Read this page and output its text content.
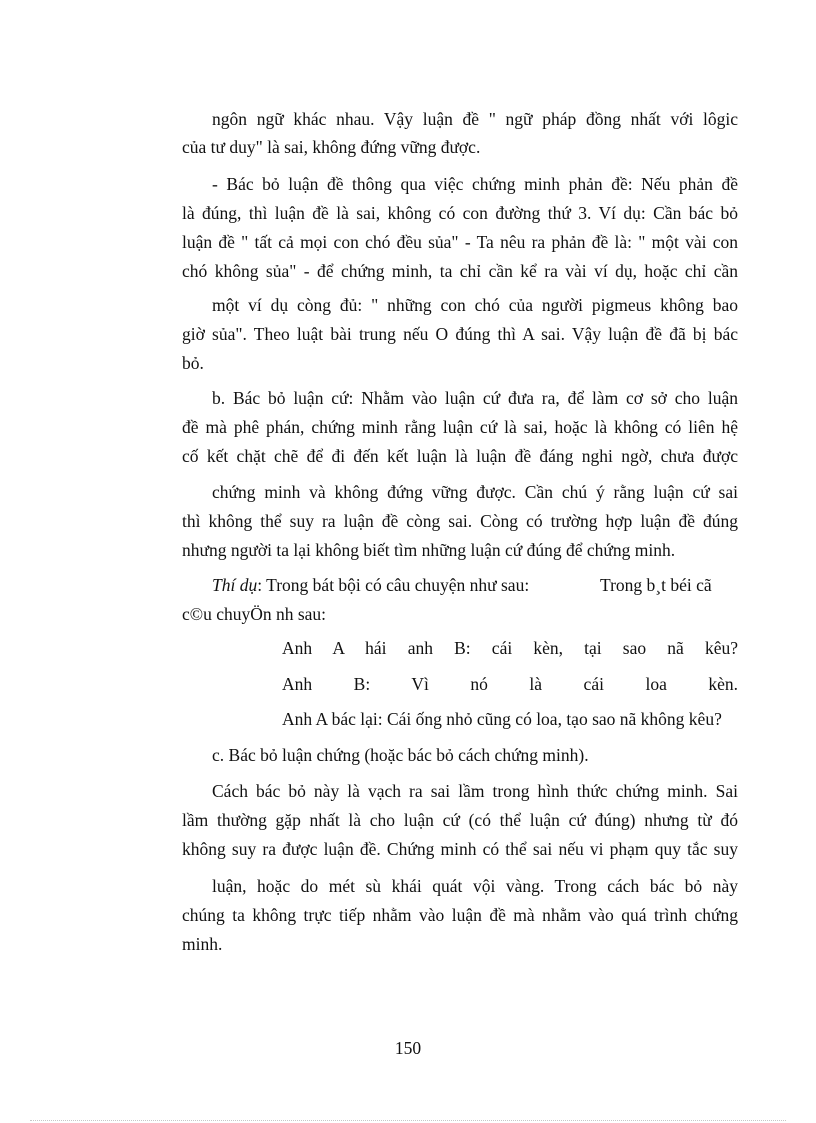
ngôn ngữ khác nhau. Vậy luận đề " ngữ pháp đồng nhất với lôgic
của tư duy" là sai, không đứng vững được.
- Bác bỏ luận đề thông qua việc chứng minh phản đề: Nếu phản đề
là đúng, thì luận đề là sai, không có con đường thứ 3. Ví dụ: Cần bác bỏ
luận đề " tất cả mọi con chó đều sủa" - Ta nêu ra phản đề là: " một vài con
chó không sủa" - để chứng minh, ta chỉ cần kể ra vài ví dụ, hoặc chỉ cần
một ví dụ còng đủ: " những con chó của người pigmeus không bao
giờ sủa". Theo luật bài trung nếu O đúng thì A sai. Vậy luận đề đã bị bác
bỏ.
b. Bác bỏ luận cứ: Nhằm vào luận cứ đưa ra, để làm cơ sở cho luận
đề mà phê phán, chứng minh rằng luận cứ là sai, hoặc là không có liên hệ
cố kết chặt chẽ để đi đến kết luận là luận đề đáng nghi ngờ, chưa được
chứng minh và không đứng vững được. Cần chú ý rằng luận cứ sai
thì không thể suy ra luận đề còng sai. Còng có trường hợp luận đề đúng
nhưng người ta lại không biết tìm những luận cứ đúng để chứng minh.
Thí dụ: Trong bát bội có câu chuyện như sau:	Trong b¸t béi cã
c©u chuyÖn nh sau:
Anh A hái anh B: cái kèn, tại sao nã kêu?
Anh B: Vì nó là cái loa kèn.
Anh A bác lại: Cái ống nhỏ cũng có loa, tạo sao nã không kêu?
c. Bác bỏ luận chứng (hoặc bác bỏ cách chứng minh).
Cách bác bỏ này là vạch ra sai lầm trong hình thức chứng minh. Sai
lầm thường gặp nhất là cho luận cứ (có thể luận cứ đúng) nhưng từ đó
không suy ra được luận đề. Chứng minh có thể sai nếu vi phạm quy tắc suy
luận, hoặc do mét sù khái quát vội vàng. Trong cách bác bỏ này
chúng ta không trực tiếp nhằm vào luận đề mà nhằm vào quá trình chứng
minh.
150
